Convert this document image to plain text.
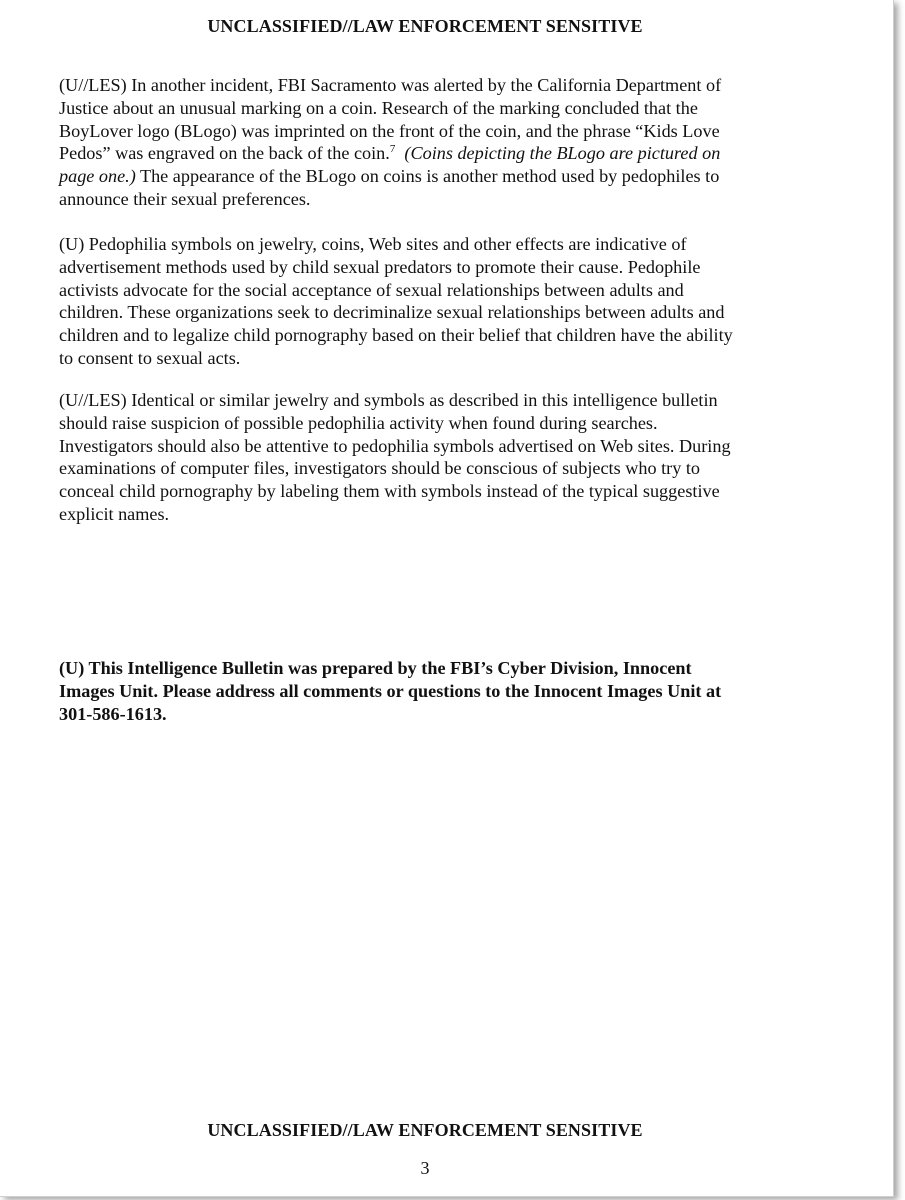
UNCLASSIFIED//LAW ENFORCEMENT SENSITIVE

(U//LES) In another incident, FBI Sacramento was alerted by the California Department of
Justice about an unusual marking on a coin. Research of the marking concluded that the
BoyLover logo (BLogo) was imprinted on the front of the coin, and the phrase “Kids Love
Pedos” was engraved on the back of the coin.$^7$ (Coins depicting the BLogo are pictured on
page one.) The appearance of the BLogo on coins is another method used by pedophiles to
announce their sexual preferences.

(U) Pedophilia symbols on jewelry, coins, Web sites and other effects are indicative of
advertisement methods used by child sexual predators to promote their cause. Pedophile
activists advocate for the social acceptance of sexual relationships between adults and
children. These organizations seek to decriminalize sexual relationships between adults and
children and to legalize child pornography based on their belief that children have the ability
to consent to sexual acts.

(U//LES) Identical or similar jewelry and symbols as described in this intelligence bulletin
should raise suspicion of possible pedophilia activity when found during searches.
Investigators should also be attentive to pedophilia symbols advertised on Web sites. During
examinations of computer files, investigators should be conscious of subjects who try to
conceal child pornography by labeling them with symbols instead of the typical suggestive
explicit names.

(U) This Intelligence Bulletin was prepared by the FBI’s Cyber Division, Innocent
Images Unit. Please address all comments or questions to the Innocent Images Unit at
301-586-1613.

UNCLASSIFIED//LAW ENFORCEMENT SENSITIVE
3
